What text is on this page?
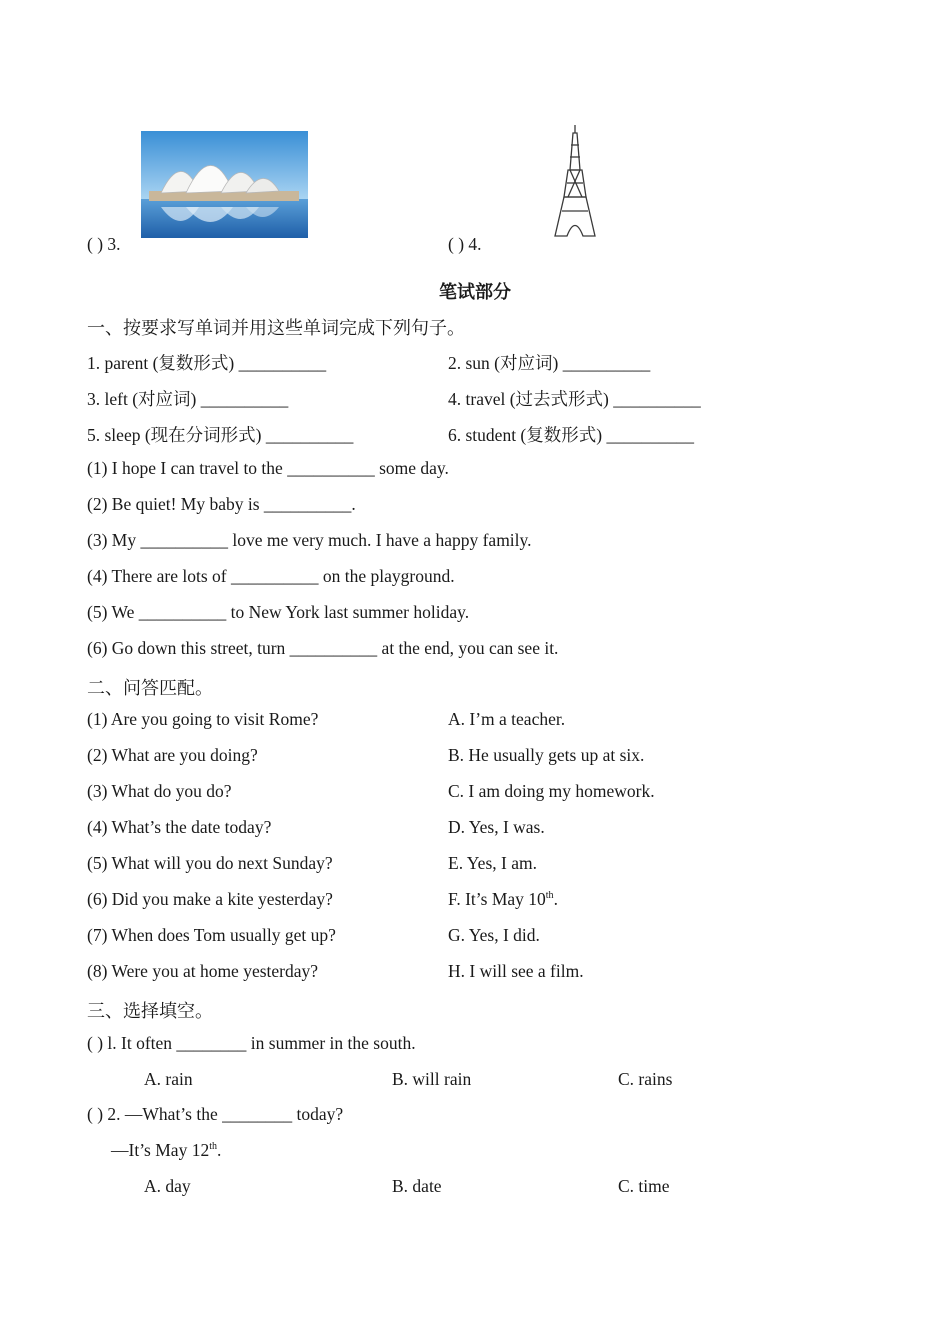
( ) 3.	( ) 4.
笔试部分
一、按要求写单词并用这些单词完成下列句子。
1. parent (复数形式) __________	2. sun (对应词) __________
3. left (对应词) __________	4. travel (过去式形式) __________
5. sleep (现在分词形式) __________	6. student (复数形式) __________
(1) I hope I can travel to the __________ some day.
(2) Be quiet! My baby is __________.
(3) My __________ love me very much. I have a happy family.
(4) There are lots of __________ on the playground.
(5) We __________ to New York last summer holiday.
(6) Go down this street, turn __________ at the end, you can see it.
二、问答匹配。
(1) Are you going to visit Rome?	A. I’m a teacher.
(2) What are you doing?	B. He usually gets up at six.
(3) What do you do?	C. I am doing my homework.
(4) What’s the date today?	D. Yes, I was.
(5) What will you do next Sunday?	E. Yes, I am.
(6) Did you make a kite yesterday?	F. It’s May 10th.
(7) When does Tom usually get up?	G. Yes, I did.
(8) Were you at home yesterday?	H. I will see a film.
三、选择填空。
( ) l. It often ________ in summer in the south.
A. rain	B. will rain	C. rains
( ) 2. —What’s the ________ today?
—It’s May 12th.
A. day	B. date	C. time
